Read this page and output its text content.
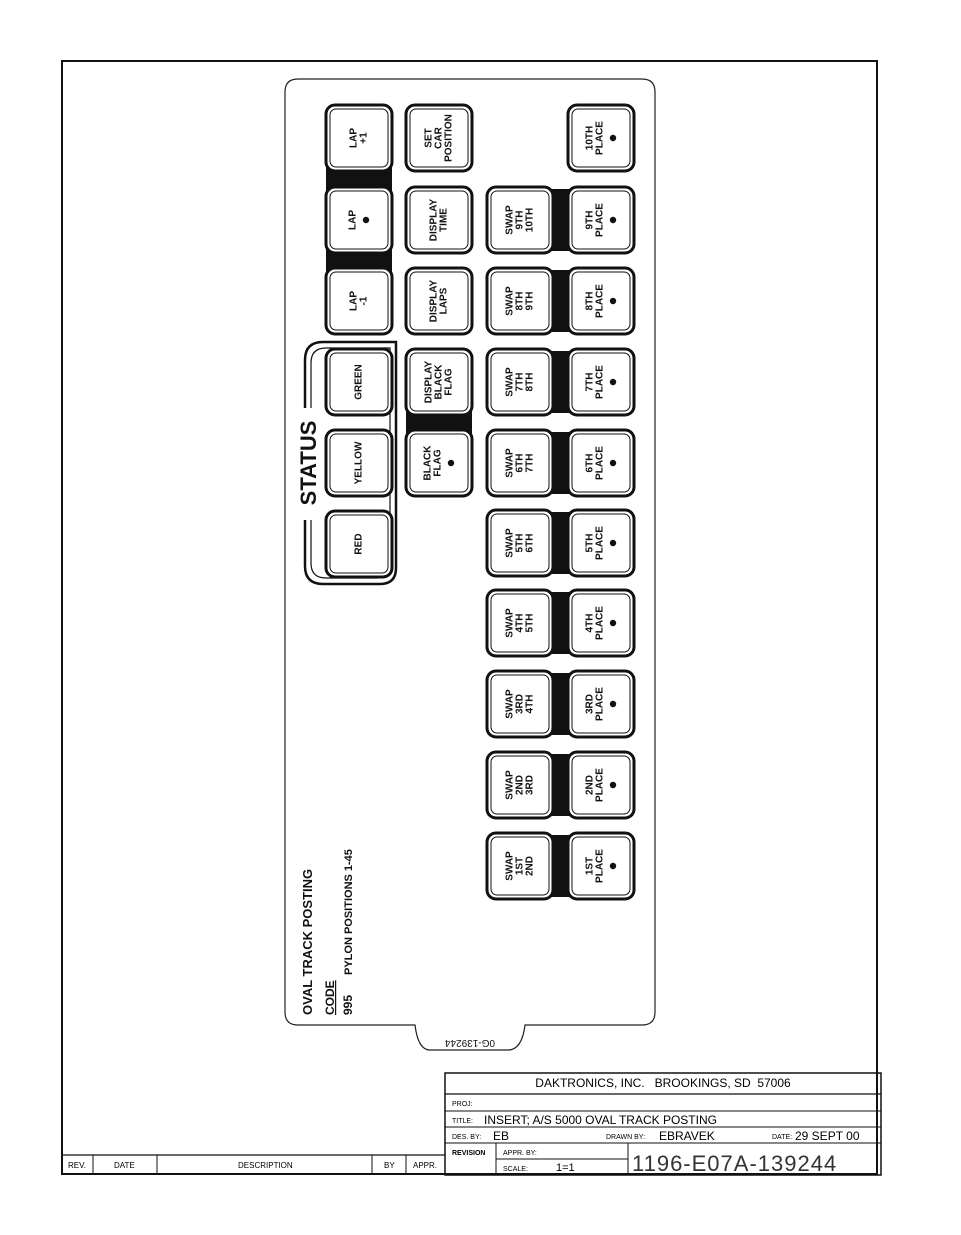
STATUS
LAP +1
LAP
LAP -1
GREEN
YELLOW
RED
SET CAR POSITION
DISPLAY TIME
DISPLAY LAPS
DISPLAY BLACK FLAG
BLACK FLAG
SWAP 1ST 2ND
SWAP 2ND 3RD
SWAP 3RD 4TH
SWAP 4TH 5TH
SWAP 5TH 6TH
SWAP 6TH 7TH
SWAP 7TH 8TH
SWAP 8TH 9TH
SWAP 9TH 10TH
1ST PLACE
2ND PLACE
3RD PLACE
4TH PLACE
5TH PLACE
6TH PLACE
7TH PLACE
8TH PLACE
9TH PLACE
10TH PLACE
OVAL TRACK POSTING CODE 995
PYLON POSITIONS 1-45
0G-139244
REV.	DATE	DESCRIPTION	BY APPR.
DAKTRONICS, INC.   BROOKINGS, SD  57006
PROJ:
TITLE: INSERT; A/S 5000 OVAL TRACK POSTING
DES. BY: EB	DRAWN BY: EBRAVEK	DATE: 29 SEPT 00
REVISION	APPR. BY:
SCALE:	1=1	1196-E07A-139244
